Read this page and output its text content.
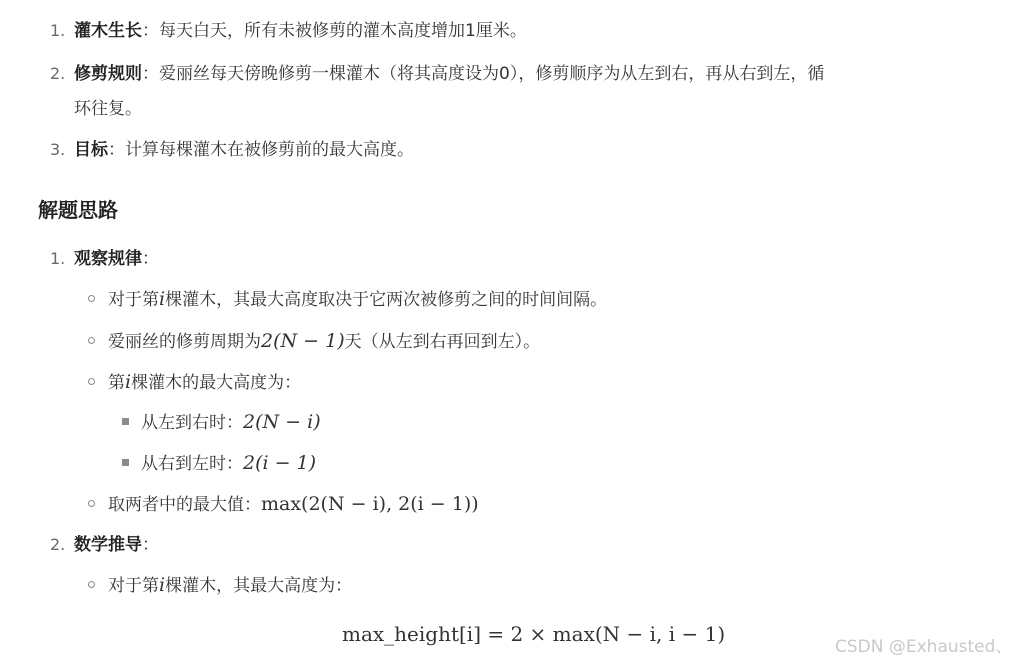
1. 灌木生长：每天白天，所有未被修剪的灌木高度增加1厘米。
2. 修剪规则：爱丽丝每天傍晚修剪一棵灌木（将其高度设为0），修剪顺序为从左到右，再从右到左，循
环往复。
3. 目标：计算每棵灌木在被修剪前的最大高度。
解题思路
1. 观察规律：
对于第i棵灌木，其最大高度取决于它两次被修剪之间的时间间隔。
爱丽丝的修剪周期为2(N − 1)天（从左到右再回到左）。
第i棵灌木的最大高度为：
从左到右时：2(N − i)
从右到左时：2(i − 1)
取两者中的最大值：max(2(N − i), 2(i − 1))
2. 数学推导：
对于第i棵灌木，其最大高度为：
max_height[i] = 2 × max(N − i, i − 1)
CSDN @Exhausted、
